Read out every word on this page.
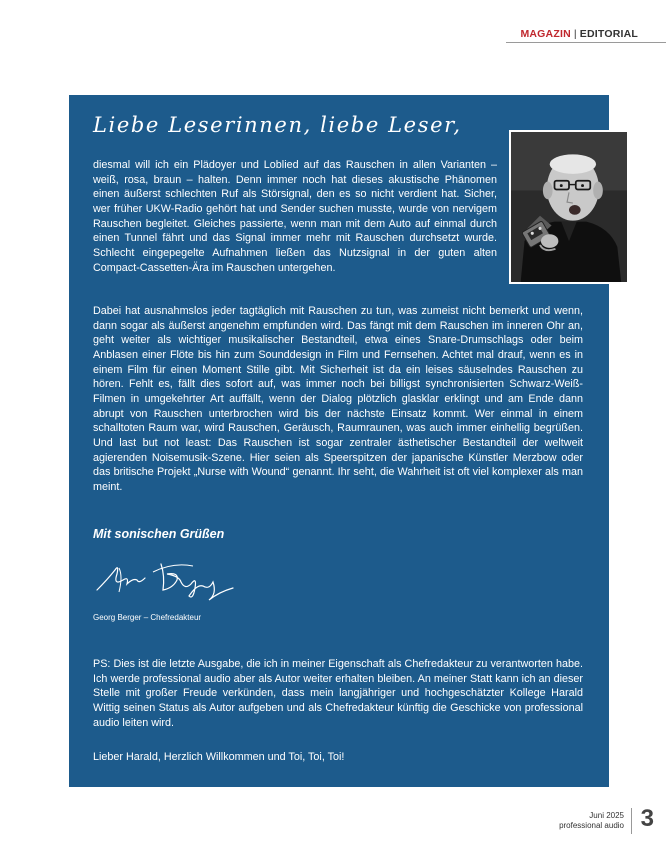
MAGAZIN | EDITORIAL
Liebe Leserinnen, liebe Leser,

diesmal will ich ein Plädoyer und Loblied auf das Rauschen in allen Varianten – weiß, rosa, braun – halten. Denn immer noch hat dieses akustische Phänomen einen äußerst schlechten Ruf als Störsignal, den es so nicht verdient hat. Sicher, wer früher UKW-Radio gehört hat und Sender suchen musste, wurde von nervigem Rauschen begleitet. Gleiches passierte, wenn man mit dem Auto auf einmal durch einen Tunnel fährt und das Signal immer mehr mit Rauschen durchsetzt wurde. Schlecht eingepegelte Aufnahmen ließen das Nutzsignal in der guten alten Compact-Cassetten-Ära im Rauschen untergehen.

Dabei hat ausnahmslos jeder tagtäglich mit Rauschen zu tun, was zumeist nicht bemerkt und wenn, dann sogar als äußerst angenehm empfunden wird. Das fängt mit dem Rauschen im inneren Ohr an, geht weiter als wichtiger musikalischer Bestandteil, etwa eines Snare-Drumschlags oder beim Anblasen einer Flöte bis hin zum Sounddesign in Film und Fernsehen. Achtet mal drauf, wenn es in einem Film für einen Moment Stille gibt. Mit Sicherheit ist da ein leises säuselndes Rauschen zu hören. Fehlt es, fällt dies sofort auf, was immer noch bei billigst synchronisierten Schwarz-Weiß-Filmen in umgekehrter Art auffällt, wenn der Dialog plötzlich glasklar erklingt und am Ende dann abrupt von Rauschen unterbrochen wird bis der nächste Einsatz kommt. Wer einmal in einem schalltoten Raum war, wird Rauschen, Geräusch, Raumraunen, was auch immer einhellig begrüßen. Und last but not least: Das Rauschen ist sogar zentraler ästhetischer Bestandteil der weltweit agierenden Noisemusik-Szene. Hier seien als Speerspitzen der japanische Künstler Merzbow oder das britische Projekt „Nurse with Wound“ genannt. Ihr seht, die Wahrheit ist oft viel komplexer als man meint.

Mit sonischen Grüßen
Georg Berger – Chefredakteur

PS: Dies ist die letzte Ausgabe, die ich in meiner Eigenschaft als Chefredakteur zu verantworten habe. Ich werde professional audio aber als Autor weiter erhalten bleiben. An meiner Statt kann ich an dieser Stelle mit großer Freude verkünden, dass mein langjähriger und hochgeschätzter Kollege Harald Wittig seinen Status als Autor aufgeben und als Chefredakteur künftig die Geschicke von professional audio leiten wird.

Lieber Harald, Herzlich Willkommen und Toi, Toi, Toi!
Juni 2025
professional audio 3
